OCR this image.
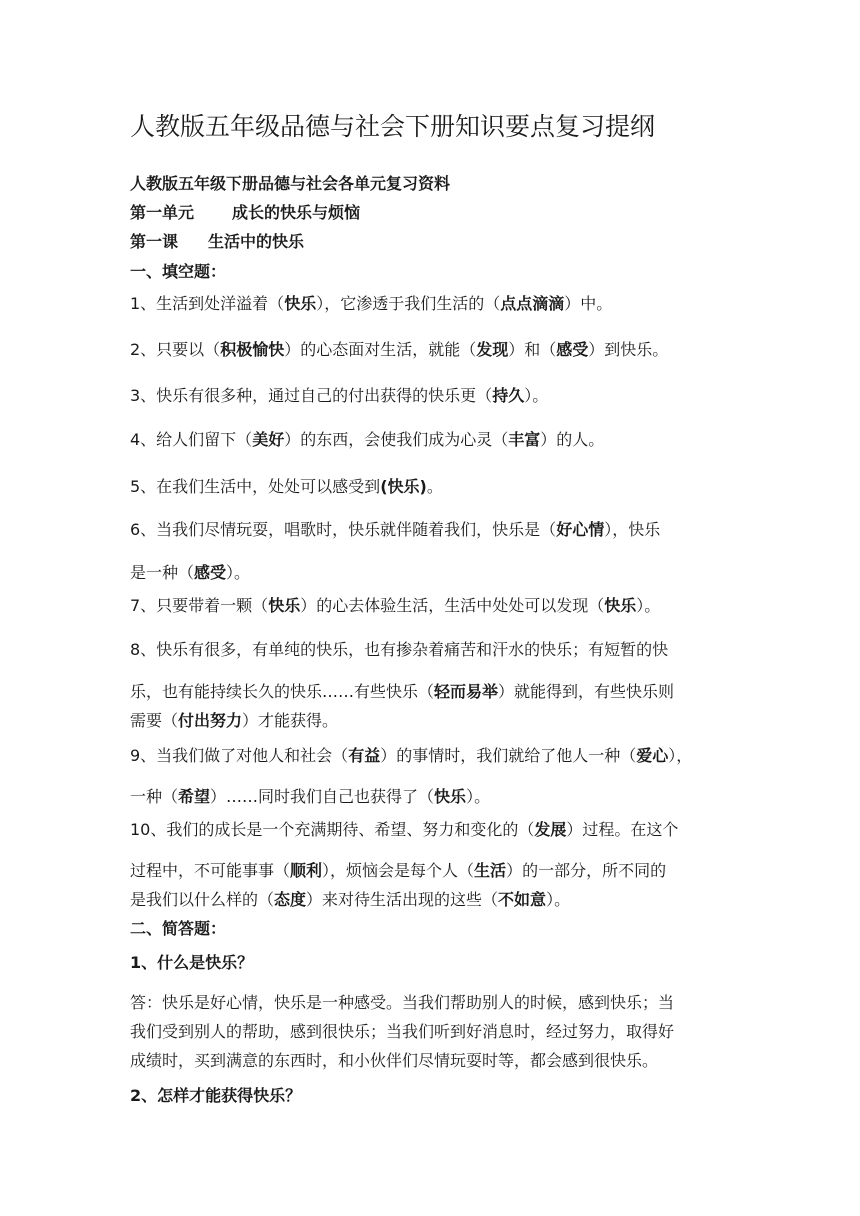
人教版五年级品德与社会下册知识要点复习提纲
人教版五年级下册品德与社会各单元复习资料
第一单元 成长的快乐与烦恼
第一课 生活中的快乐
一、填空题：
1、生活到处洋溢着（快乐），它渗透于我们生活的（点点滴滴）中。
2、只要以（积极愉快）的心态面对生活，就能（发现）和（感受）到快乐。
3、快乐有很多种，通过自己的付出获得的快乐更（持久）。
4、给人们留下（美好）的东西，会使我们成为心灵（丰富）的人。
5、在我们生活中，处处可以感受到(快乐)。
6、当我们尽情玩耍，唱歌时，快乐就伴随着我们，快乐是（好心情），快乐
是一种（感受）。
7、只要带着一颗（快乐）的心去体验生活，生活中处处可以发现（快乐）。
8、快乐有很多，有单纯的快乐，也有掺杂着痛苦和汗水的快乐；有短暂的快
乐，也有能持续长久的快乐……有些快乐（轻而易举）就能得到，有些快乐则
需要（付出努力）才能获得。
9、当我们做了对他人和社会（有益）的事情时，我们就给了他人一种（爱心），
一种（希望）……同时我们自己也获得了（快乐）。
10、我们的成长是一个充满期待、希望、努力和变化的（发展）过程。在这个
过程中，不可能事事（顺利），烦恼会是每个人（生活）的一部分，所不同的
是我们以什么样的（态度）来对待生活出现的这些（不如意）。
二、简答题：
1、什么是快乐？
答：快乐是好心情，快乐是一种感受。当我们帮助别人的时候，感到快乐；当
我们受到别人的帮助，感到很快乐；当我们听到好消息时，经过努力，取得好
成绩时，买到满意的东西时，和小伙伴们尽情玩耍时等，都会感到很快乐。
2、怎样才能获得快乐？
